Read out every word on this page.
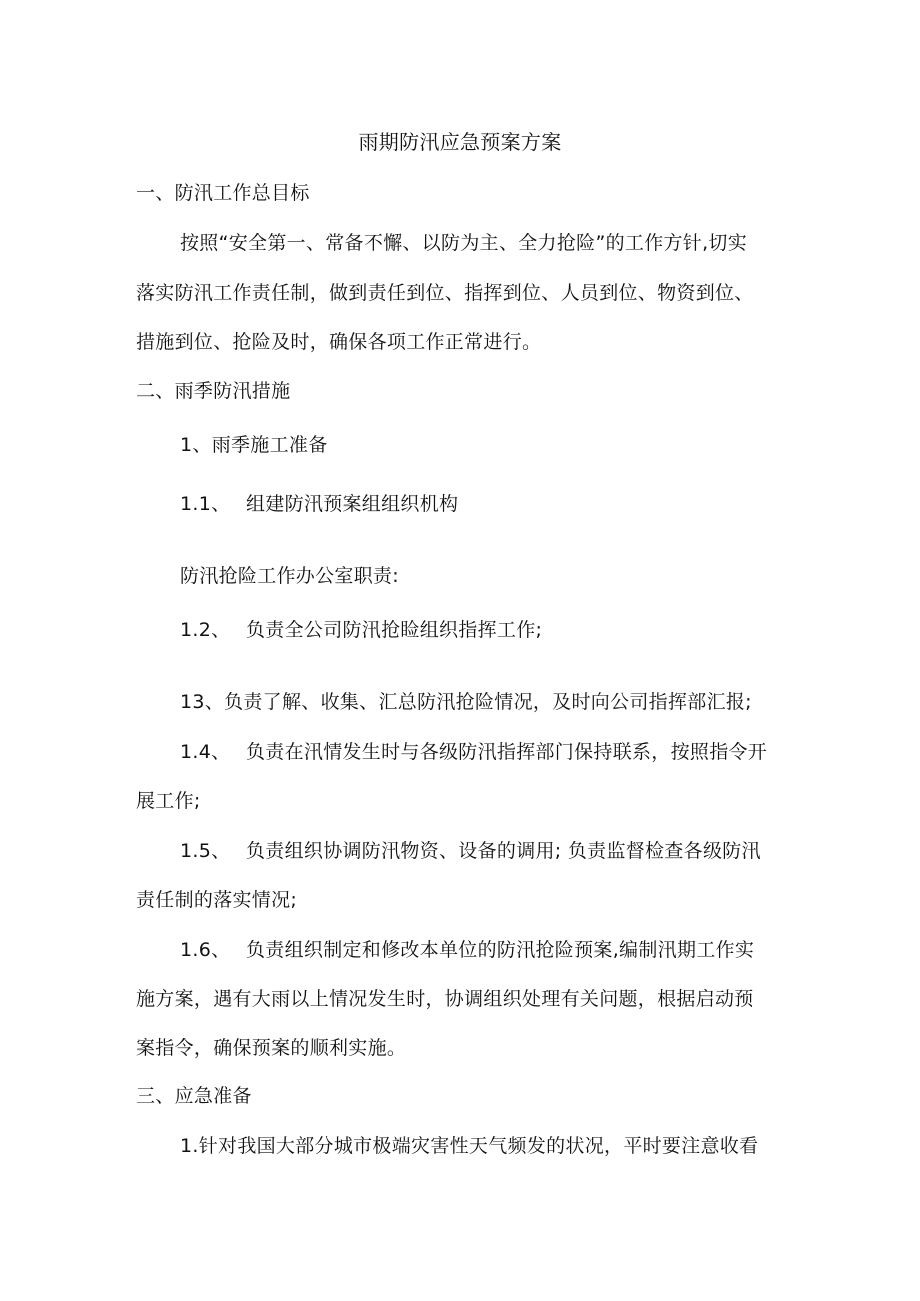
雨期防汛应急预案方案
一、防汛工作总目标
按照“安全第一、常备不懈、以防为主、全力抢险”的工作方针,切实
落实防汛工作责任制，做到责任到位、指挥到位、人员到位、物资到位、
措施到位、抢险及时，确保各项工作正常进行。
二、雨季防汛措施
1、雨季施工准备
1.1、 组建防汛预案组组织机构
防汛抢险工作办公室职责:
1.2、 负责全公司防汛抢睑组织指挥工作;
13、负责了解、收集、汇总防汛抢险情况，及时向公司指挥部汇报;
1.4、 负责在汛情发生时与各级防汛指挥部门保持联系，按照指令开
展工作;
1.5、 负责组织协调防汛物资、设备的调用; 负责监督检查各级防汛
责任制的落实情况;
1.6、 负责组织制定和修改本单位的防汛抢险预案,编制汛期工作实
施方案，遇有大雨以上情况发生时，协调组织处理有关问题，根据启动预
案指令，确保预案的顺利实施。
三、应急准备
1.针对我国大部分城市极端灾害性天气频发的状况，平时要注意收看
